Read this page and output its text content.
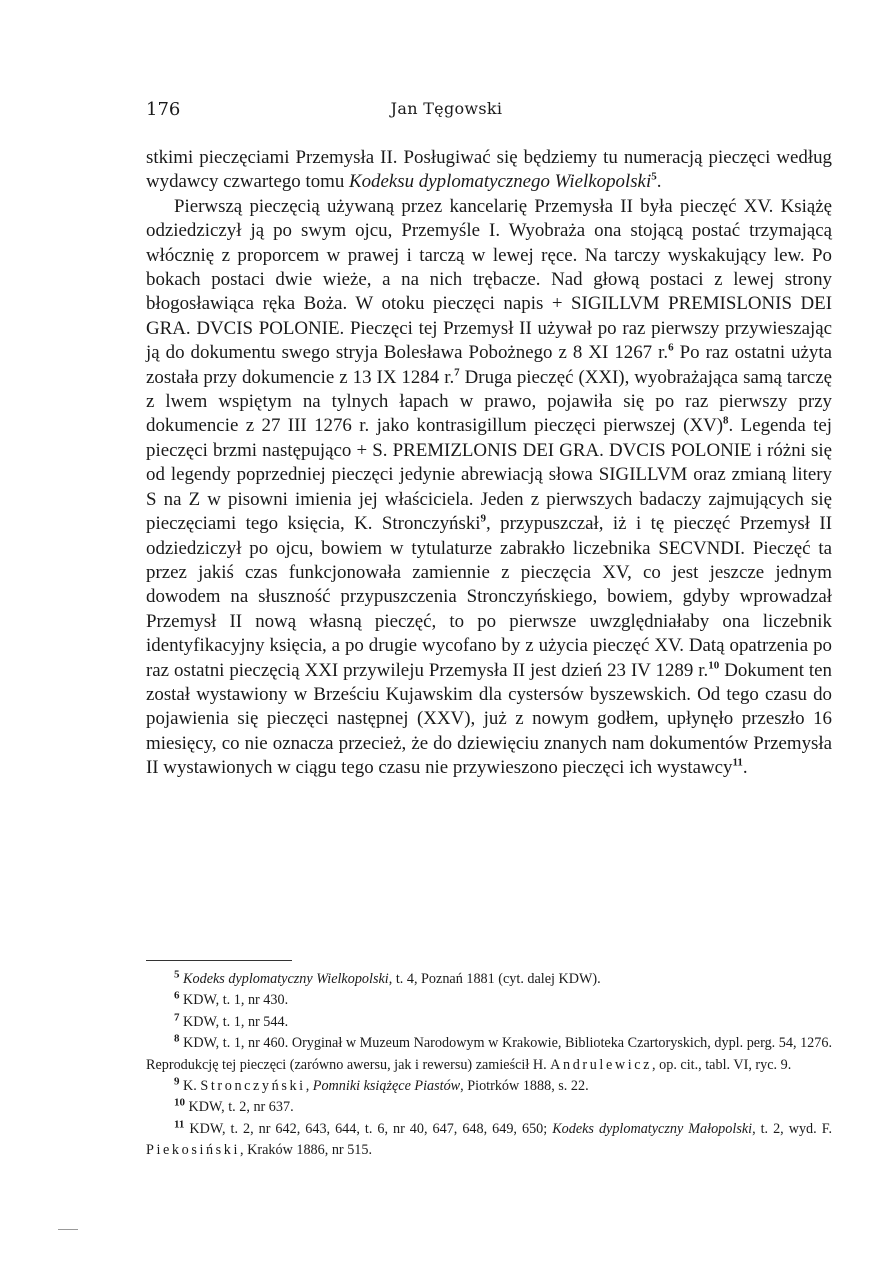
176	Jan Tęgowski

stkimi pieczęciami Przemysła II. Posługiwać się będziemy tu numeracją pieczęci według wydawcy czwartego tomu Kodeksu dyplomatycznego Wielkopolski$^5$.

Pierwszą pieczęcią używaną przez kancelarię Przemysła II była pieczęć XV. Książę odziedziczył ją po swym ojcu, Przemyśle I. Wyobraża ona stojącą postać trzymającą włócznię z proporcem w prawej i tarczą w lewej ręce. Na tarczy wyskakujący lew. Po bokach postaci dwie wieże, a na nich trębacze. Nad głową postaci z lewej strony błogosławiąca ręka Boża. W otoku pieczęci napis + SIGILLVM PREMISLONIS DEI GRA. DVCIS POLONIE. Pieczęci tej Przemysł II używał po raz pierwszy przywieszając ją do dokumentu swego stryja Bolesława Pobożnego z 8 XI 1267 r.$^6$ Po raz ostatni użyta została przy dokumencie z 13 IX 1284 r.$^7$ Druga pieczęć (XXI), wyobrażająca samą tarczę z lwem wspiętym na tylnych łapach w prawo, pojawiła się po raz pierwszy przy dokumencie z 27 III 1276 r. jako kontrasigillum pieczęci pierwszej (XV)$^8$. Legenda tej pieczęci brzmi następująco + S. PREMIZLONIS DEI GRA. DVCIS POLONIE i różni się od legendy poprzedniej pieczęci jedynie abrewiacją słowa SIGILLVM oraz zmianą litery S na Z w pisowni imienia jej właściciela. Jeden z pierwszych badaczy zajmujących się pieczęciami tego księcia, K. Stronczyński$^9$, przypuszczał, iż i tę pieczęć Przemysł II odziedziczył po ojcu, bowiem w tytulaturze zabrakło liczebnika SECVNDI. Pieczęć ta przez jakiś czas funkcjonowała zamiennie z pieczęcia XV, co jest jeszcze jednym dowodem na słuszność przypuszczenia Stronczyńskiego, bowiem, gdyby wprowadzał Przemysł II nową własną pieczęć, to po pierwsze uwzględniałaby ona liczebnik identyfikacyjny księcia, a po drugie wycofano by z użycia pieczęć XV. Datą opatrzenia po raz ostatni pieczęcią XXI przywileju Przemysła II jest dzień 23 IV 1289 r.$^{10}$ Dokument ten został wystawiony w Brześciu Kujawskim dla cystersów byszewskich. Od tego czasu do pojawienia się pieczęci następnej (XXV), już z nowym godłem, upłynęło przeszło 16 miesięcy, co nie oznacza przecież, że do dziewięciu znanych nam dokumentów Przemysła II wystawionych w ciągu tego czasu nie przywieszono pieczęci ich wystawcy$^{11}$.

$^5$ Kodeks dyplomatyczny Wielkopolski, t. 4, Poznań 1881 (cyt. dalej KDW).

$^6$ KDW, t. 1, nr 430.

$^7$ KDW, t. 1, nr 544.

$^8$ KDW, t. 1, nr 460. Oryginał w Muzeum Narodowym w Krakowie, Biblioteka Czartoryskich, dypl. perg. 54, 1276. Reprodukcję tej pieczęci (zarówno awersu, jak i rewersu) zamieścił H. Andrulewicz, op. cit., tabl. VI, ryc. 9.

$^9$ K. Stronczyński, Pomniki książęce Piastów, Piotrków 1888, s. 22.

$^{10}$ KDW, t. 2, nr 637.

$^{11}$ KDW, t. 2, nr 642, 643, 644, t. 6, nr 40, 647, 648, 649, 650; Kodeks dyplomatyczny Małopolski, t. 2, wyd. F. Piekosiński, Kraków 1886, nr 515.
